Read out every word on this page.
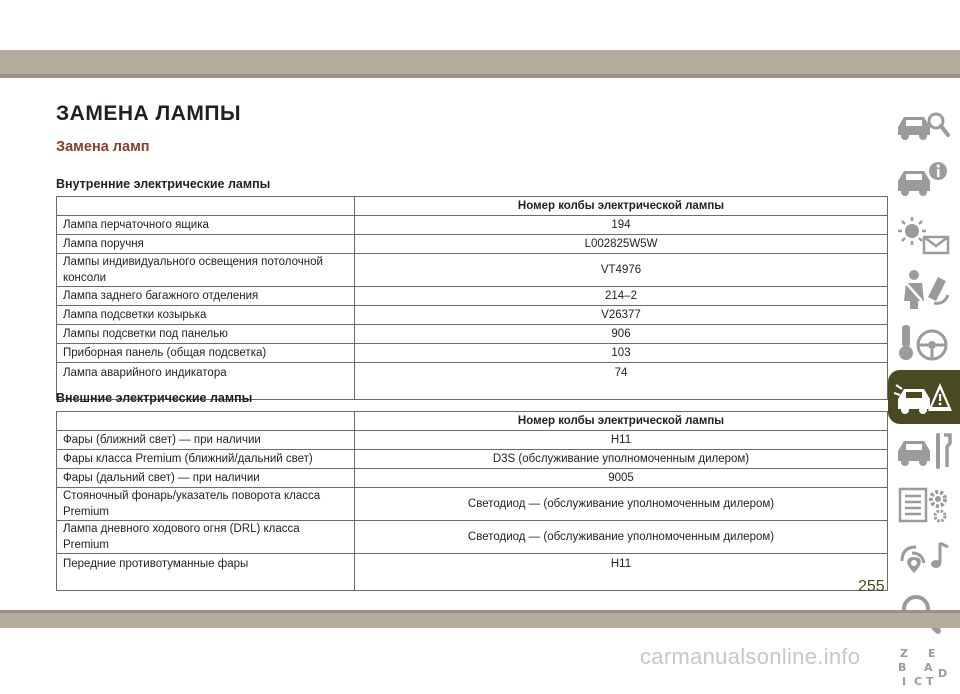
ЗАМЕНА ЛАМПЫ
Замена ламп
Внутренние электрические лампы
	Номер колбы электрической лампы
Лампа перчаточного ящика	194
Лампа поручня	L002825W5W
Лампы индивидуального освещения потолочной консоли	VT4976
Лампа заднего багажного отделения	214–2
Лампа подсветки козырька	V26377
Лампы подсветки под панелью	906
Приборная панель (общая подсветка)	103
Лампа аварийного индикатора	74
Внешние электрические лампы
	Номер колбы электрической лампы
Фары (ближний свет) — при наличии	H11
Фары класса Premium (ближний/дальний свет)	D3S (обслуживание уполномоченным дилером)
Фары (дальний свет) — при наличии	9005
Стояночный фонарь/указатель поворота класса Premium	Светодиод — (обслуживание уполномоченным дилером)
Лампа дневного ходового огня (DRL) класса Premium	Светодиод — (обслуживание уполномоченным дилером)
Передние противотуманные фары	H11
Z E
B A
I C T
D
255
carmanualsonline.info
